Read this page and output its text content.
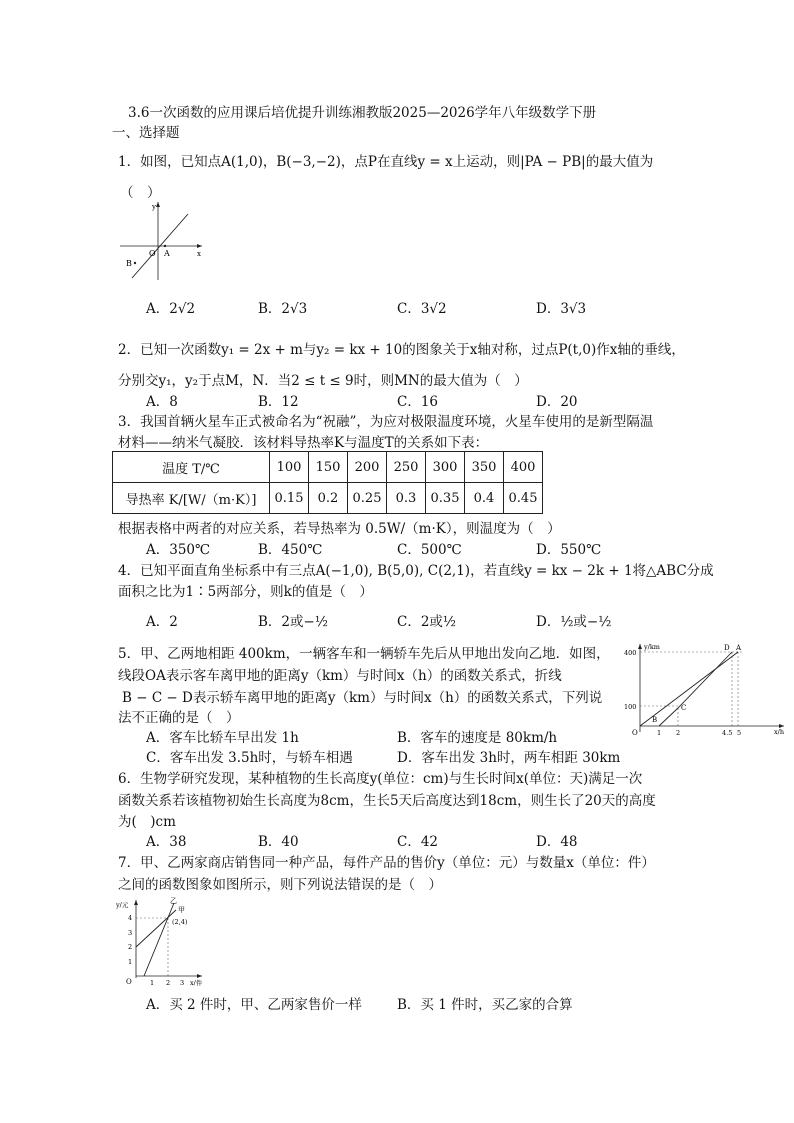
3.6一次函数的应用课后培优提升训练湘教版2025—2026学年八年级数学下册
一、选择题
1．如图，已知点A(1,0)，B(−3,−2)，点P在直线y = x上运动，则|PA − PB|的最大值为
（　）
y
x
O A
B
A．2√2	B．2√3	C．3√2	D．3√3
2．已知一次函数y₁ = 2x + m与y₂ = kx + 10的图象关于x轴对称，过点P(t,0)作x轴的垂线，
分别交y₁，y₂于点M，N．当2 ≤ t ≤ 9时，则MN的最大值为（　）
A．8	B．12	C．16	D．20
3．我国首辆火星车正式被命名为“祝融”，为应对极限温度环境，火星车使用的是新型隔温
材料——纳米气凝胶．该材料导热率K与温度T的关系如下表：
温度 T/℃	100	150	200	250	300	350	400
导热率 K/[W/（m·K）]	0.15	0.2	0.25	0.3	0.35	0.4	0.45
根据表格中两者的对应关系，若导热率为 0.5W/（m·K），则温度为（　）
A．350℃	B．450℃	C．500℃	D．550℃
4．已知平面直角坐标系中有三点A(−1,0), B(5,0), C(2,1)，若直线y = kx − 2k + 1将△ABC分成
面积之比为1∶5两部分，则k的值是（　）
A．2	B．2或−½	C．2或½	D．½或−½
5．甲、乙两地相距 400km，一辆客车和一辆轿车先后从甲地出发向乙地．如图，
线段OA表示客车离甲地的距离y（km）与时间x（h）的函数关系式，折线
B − C − D表示轿车离甲地的距离y（km）与时间x（h）的函数关系式，下列说
法不正确的是（　）
y/km
x/h
400
100
O	1 2	4.5 5
D A
B
C
A．客车比轿车早出发 1h	B．客车的速度是 80km/h
C．客车出发 3.5h时，与轿车相遇	D．客车出发 3h时，两车相距 30km
6．生物学研究发现，某种植物的生长高度y(单位：cm)与生长时间x(单位：天)满足一次
函数关系若该植物初始生长高度为8cm，生长5天后高度达到18cm，则生长了20天的高度
为(　)cm
A．38	B．40	C．42	D．48
7．甲、乙两家商店销售同一种产品，每件产品的售价y（单位：元）与数量x（单位：件）
之间的函数图象如图所示，则下列说法错误的是（　）
y/元
x/件
O
乙
甲
(2,4)
4
3
2
1
1 2 3
A．买 2 件时，甲、乙两家售价一样	B．买 1 件时，买乙家的合算
